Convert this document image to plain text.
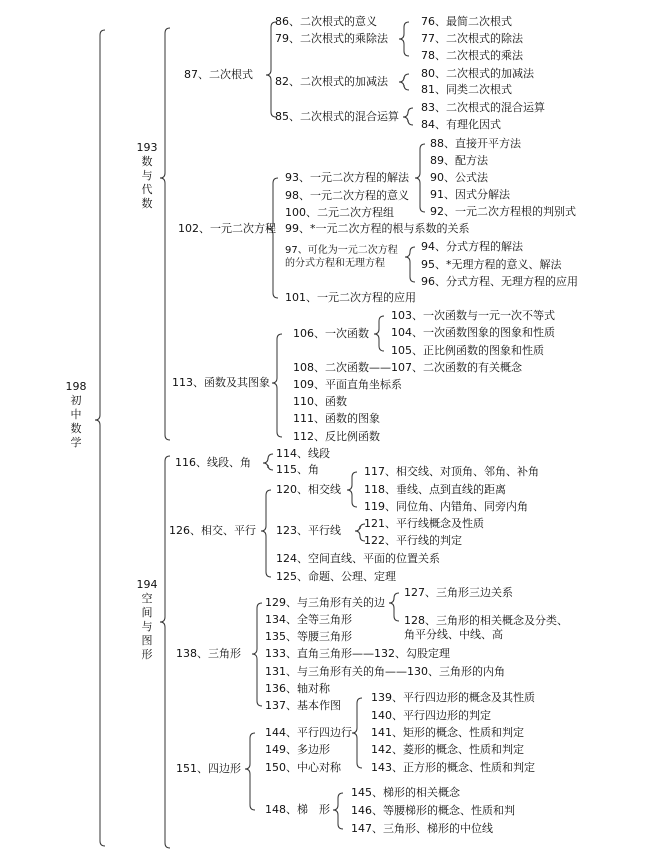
198
初
中
数
学
193
数
与
代
数
87、二次根式
86、二次根式的意义
79、二次根式的乘除法
76、最简二次根式
77、二次根式的除法
78、二次根式的乘法
82、二次根式的加减法
80、二次根式的加减法
81、同类二次根式
85、二次根式的混合运算
83、二次根式的混合运算
84、有理化因式
102、一元二次方程
93、一元二次方程的解法
88、直接开平方法
89、配方法
90、公式法
91、因式分解法
92、一元二次方程根的判别式
98、一元二次方程的意义
100、二元二次方程组
99、*一元二次方程的根与系数的关系
97、可化为一元二次方程
的分式方程和无理方程
94、分式方程的解法
95、*无理方程的意义、解法
96、分式方程、无理方程的应用
101、一元二次方程的应用
113、函数及其图象
106、一次函数
103、一次函数与一元一次不等式
104、一次函数图象的图象和性质
105、正比例函数的图象和性质
108、二次函数——107、二次函数的有关概念
109、平面直角坐标系
110、函数
111、函数的图象
112、反比例函数
194
空
间
与
图
形
116、线段、角
114、线段
115、角
126、相交、平行
120、相交线
117、相交线、对顶角、邻角、补角
118、垂线、点到直线的距离
119、同位角、内错角、同旁内角
123、平行线
121、平行线概念及性质
122、平行线的判定
124、空间直线、平面的位置关系
125、命题、公理、定理
138、三角形
129、与三角形有关的边
127、三角形三边关系
128、三角形的相关概念及分类、
角平分线、中线、高
134、全等三角形
135、等腰三角形
133、直角三角形——132、勾股定理
131、与三角形有关的角——130、三角形的内角
136、轴对称
137、基本作图
151、四边形
144、平行四边行
139、平行四边形的概念及其性质
140、平行四边形的判定
141、矩形的概念、性质和判定
142、菱形的概念、性质和判定
143、正方形的概念、性质和判定
149、多边形
150、中心对称
148、梯　形
145、梯形的相关概念
146、等腰梯形的概念、性质和判
147、三角形、梯形的中位线
